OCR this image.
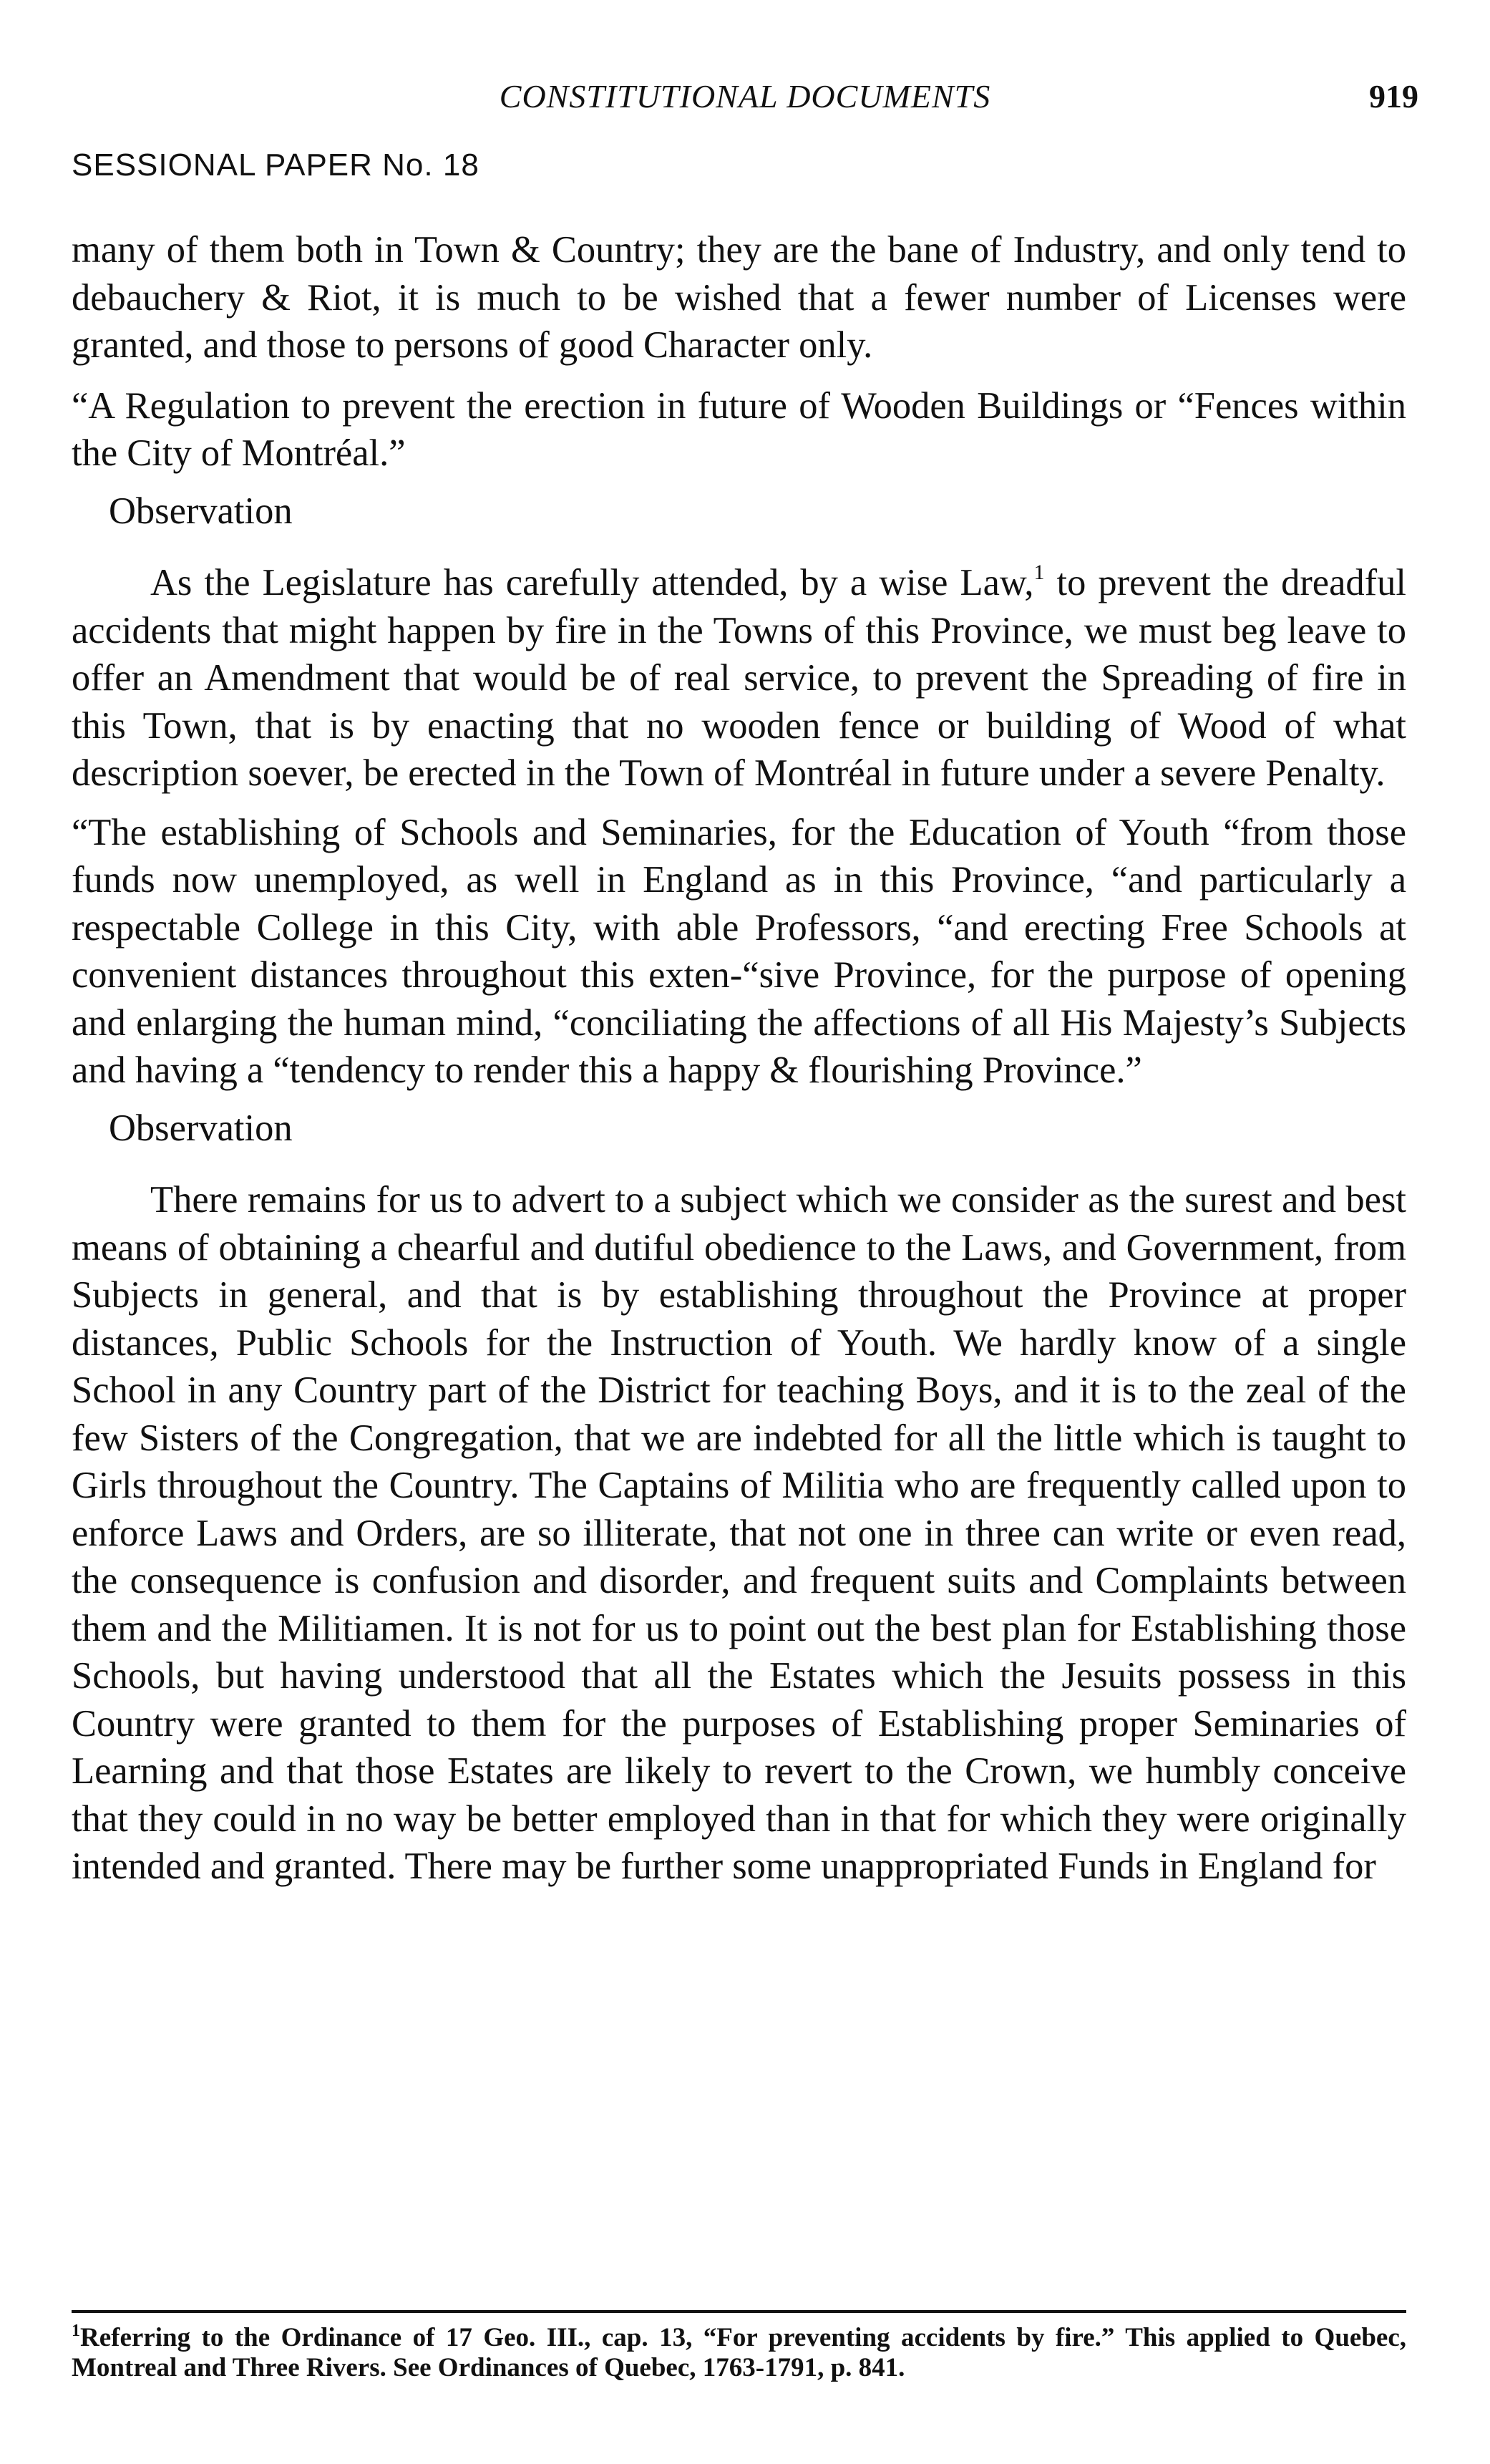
CONSTITUTIONAL DOCUMENTS	919
SESSIONAL PAPER No. 18

many of them both in Town & Country; they are the bane of Industry, and only tend to debauchery & Riot, it is much to be wished that a fewer number of Licenses were granted, and those to persons of good Character only.

“A Regulation to prevent the erection in future of Wooden Buildings or “Fences within the City of Montréal.”

Observation

As the Legislature has carefully attended, by a wise Law,$^1$ to prevent the dreadful accidents that might happen by fire in the Towns of this Province, we must beg leave to offer an Amendment that would be of real service, to prevent the Spreading of fire in this Town, that is by enacting that no wooden fence or building of Wood of what description soever, be erected in the Town of Montréal in future under a severe Penalty.

“The establishing of Schools and Seminaries, for the Education of Youth “from those funds now unemployed, as well in England as in this Province, “and particularly a respectable College in this City, with able Professors, “and erecting Free Schools at convenient distances throughout this exten-“sive Province, for the purpose of opening and enlarging the human mind, “conciliating the affections of all His Majesty’s Subjects and having a “tendency to render this a happy & flourishing Province.”

Observation

There remains for us to advert to a subject which we consider as the surest and best means of obtaining a chearful and dutiful obedience to the Laws, and Government, from Subjects in general, and that is by establishing throughout the Province at proper distances, Public Schools for the Instruction of Youth. We hardly know of a single School in any Country part of the District for teaching Boys, and it is to the zeal of the few Sisters of the Congregation, that we are indebted for all the little which is taught to Girls throughout the Country. The Captains of Militia who are frequently called upon to enforce Laws and Orders, are so illiterate, that not one in three can write or even read, the consequence is confusion and disorder, and frequent suits and Complaints between them and the Militiamen. It is not for us to point out the best plan for Establishing those Schools, but having understood that all the Estates which the Jesuits possess in this Country were granted to them for the purposes of Establishing proper Seminaries of Learning and that those Estates are likely to revert to the Crown, we humbly conceive that they could in no way be better employed than in that for which they were originally intended and granted. There may be further some unappropriated Funds in England for

$^1$Referring to the Ordinance of 17 Geo. III., cap. 13, “For preventing accidents by fire.” This applied to Quebec, Montreal and Three Rivers. See Ordinances of Quebec, 1763-1791, p. 841.
